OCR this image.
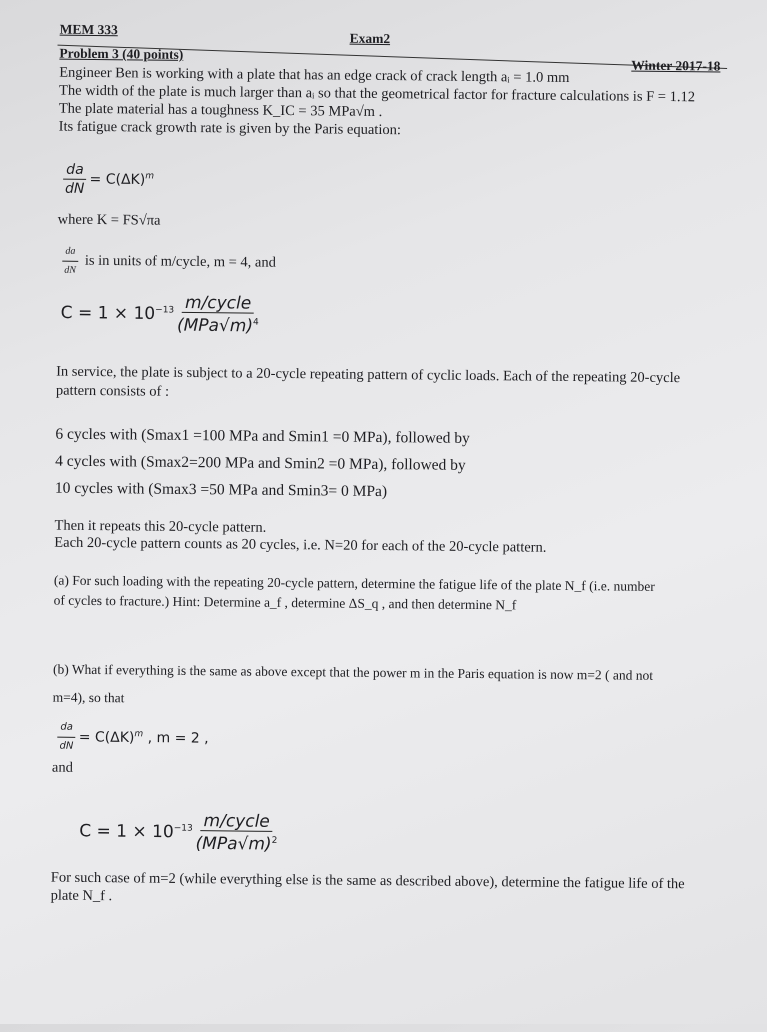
MEM 333
Exam2
Problem 3 (40 points)
Winter 2017-18
Engineer Ben is working with a plate that has an edge crack of crack length aᵢ = 1.0 mm
The width of the plate is much larger than aᵢ so that the geometrical factor for fracture calculations is F = 1.12
The plate material has a toughness K_IC = 35 MPa√m .
Its fatigue crack growth rate is given by the Paris equation:
$\frac{da}{dN} = C(\Delta K)^m$
where K = FS√πa
$\frac{da}{dN}$ is in units of m/cycle, m = 4, and
$C = 1 \times 10^{-13} \frac{\text{m/cycle}}{(MPa√m)^4}$
In service, the plate is subject to a 20-cycle repeating pattern of cyclic loads. Each of the repeating 20-cycle
pattern consists of :
6 cycles with (Smax1 =100 MPa and Smin1 =0 MPa), followed by
4 cycles with (Smax2=200 MPa and Smin2 =0 MPa), followed by
10 cycles with (Smax3 =50 MPa and Smin3= 0 MPa)
Then it repeats this 20-cycle pattern.
Each 20-cycle pattern counts as 20 cycles, i.e. N=20 for each of the 20-cycle pattern.
(a) For such loading with the repeating 20-cycle pattern, determine the fatigue life of the plate N_f (i.e. number
of cycles to fracture.) Hint: Determine a_f , determine ΔS_q , and then determine N_f
(b) What if everything is the same as above except that the power m in the Paris equation is now m=2 ( and not
m=4), so that
$\frac{da}{dN} = C(\Delta K)^m$ , m = 2 ,
and
$C = 1 \times 10^{-13} \frac{\text{m/cycle}}{(MPa√m)^2}$
For such case of m=2 (while everything else is the same as described above), determine the fatigue life of the
plate N_f .
